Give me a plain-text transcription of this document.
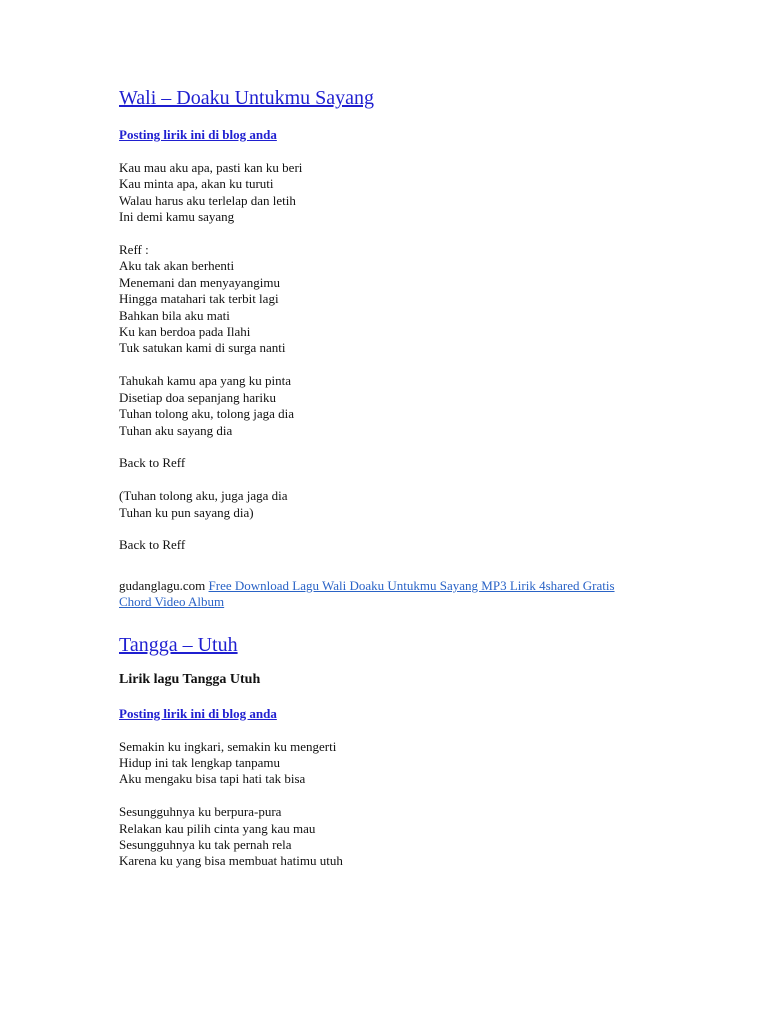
Wali – Doaku Untukmu Sayang
Posting lirik ini di blog anda
Kau mau aku apa, pasti kan ku beri
Kau minta apa, akan ku turuti
Walau harus aku terlelap dan letih
Ini demi kamu sayang

Reff :
Aku tak akan berhenti
Menemani dan menyayangimu
Hingga matahari tak terbit lagi
Bahkan bila aku mati
Ku kan berdoa pada Ilahi
Tuk satukan kami di surga nanti

Tahukah kamu apa yang ku pinta
Disetiap doa sepanjang hariku
Tuhan tolong aku, tolong jaga dia
Tuhan aku sayang dia

Back to Reff

(Tuhan tolong aku, juga jaga dia
Tuhan ku pun sayang dia)

Back to Reff
gudanglagu.com Free Download Lagu Wali Doaku Untukmu Sayang MP3 Lirik 4shared Gratis Chord Video Album
Tangga – Utuh
Lirik lagu Tangga Utuh
Posting lirik ini di blog anda
Semakin ku ingkari, semakin ku mengerti
Hidup ini tak lengkap tanpamu
Aku mengaku bisa tapi hati tak bisa

Sesungguhnya ku berpura-pura
Relakan kau pilih cinta yang kau mau
Sesungguhnya ku tak pernah rela
Karena ku yang bisa membuat hatimu utuh
